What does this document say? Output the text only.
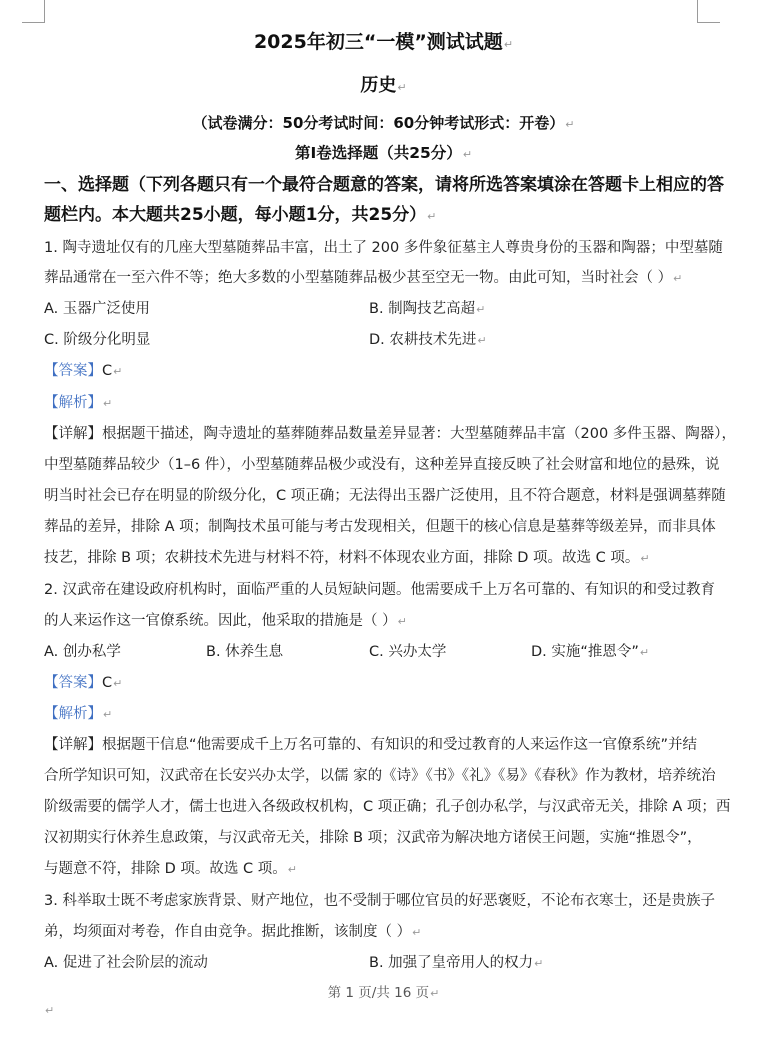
2025年初三“一模”测试试题↵
历史↵
（试卷满分：50分考试时间：60分钟考试形式：开卷）↵
第Ⅰ卷选择题（共25分）↵
一、选择题（下列各题只有一个最符合题意的答案，请将所选答案填涂在答题卡上相应的答
题栏内。本大题共25小题，每小题1分，共25分）↵
1. 陶寺遗址仅有的几座大型墓随葬品丰富，出土了 200 多件象征墓主人尊贵身份的玉器和陶器；中型墓随
葬品通常在一至六件不等；绝大多数的小型墓随葬品极少甚至空无一物。由此可知，当时社会（ ）↵
A. 玉器广泛使用	B. 制陶技艺高超↵
C. 阶级分化明显	D. 农耕技术先进↵
【答案】C↵
【解析】↵
【详解】根据题干描述，陶寺遗址的墓葬随葬品数量差异显著：大型墓随葬品丰富（200 多件玉器、陶器），
中型墓随葬品较少（1–6 件），小型墓随葬品极少或没有，这种差异直接反映了社会财富和地位的悬殊，说
明当时社会已存在明显的阶级分化，C 项正确；无法得出玉器广泛使用，且不符合题意，材料是强调墓葬随
葬品的差异，排除 A 项；制陶技术虽可能与考古发现相关，但题干的核心信息是墓葬等级差异，而非具体
技艺，排除 B 项；农耕技术先进与材料不符，材料不体现农业方面，排除 D 项。故选 C 项。↵
2. 汉武帝在建设政府机构时，面临严重的人员短缺问题。他需要成千上万名可靠的、有知识的和受过教育
的人来运作这一官僚系统。因此，他采取的措施是（ ）↵
A. 创办私学	B. 休养生息	C. 兴办太学	D. 实施“推恩令”↵
【答案】C↵
【解析】↵
【详解】根据题干信息“他需要成千上万名可靠的、有知识的和受过教育的人来运作这一官僚系统”并结
合所学知识可知，汉武帝在长安兴办太学，以儒 家的《诗》《书》《礼》《易》《春秋》作为教材，培养统治
阶级需要的儒学人才，儒士也进入各级政权机构，C 项正确；孔子创办私学，与汉武帝无关，排除 A 项；西
汉初期实行休养生息政策，与汉武帝无关，排除 B 项；汉武帝为解决地方诸侯王问题，实施“推恩令”，
与题意不符，排除 D 项。故选 C 项。↵
3. 科举取士既不考虑家族背景、财产地位，也不受制于哪位官员的好恶褒贬，不论布衣寒士，还是贵族子
弟，均须面对考卷，作自由竞争。据此推断，该制度（ ）↵
A. 促进了社会阶层的流动	B. 加强了皇帝用人的权力↵
第 1 页/共 16 页↵
↵
